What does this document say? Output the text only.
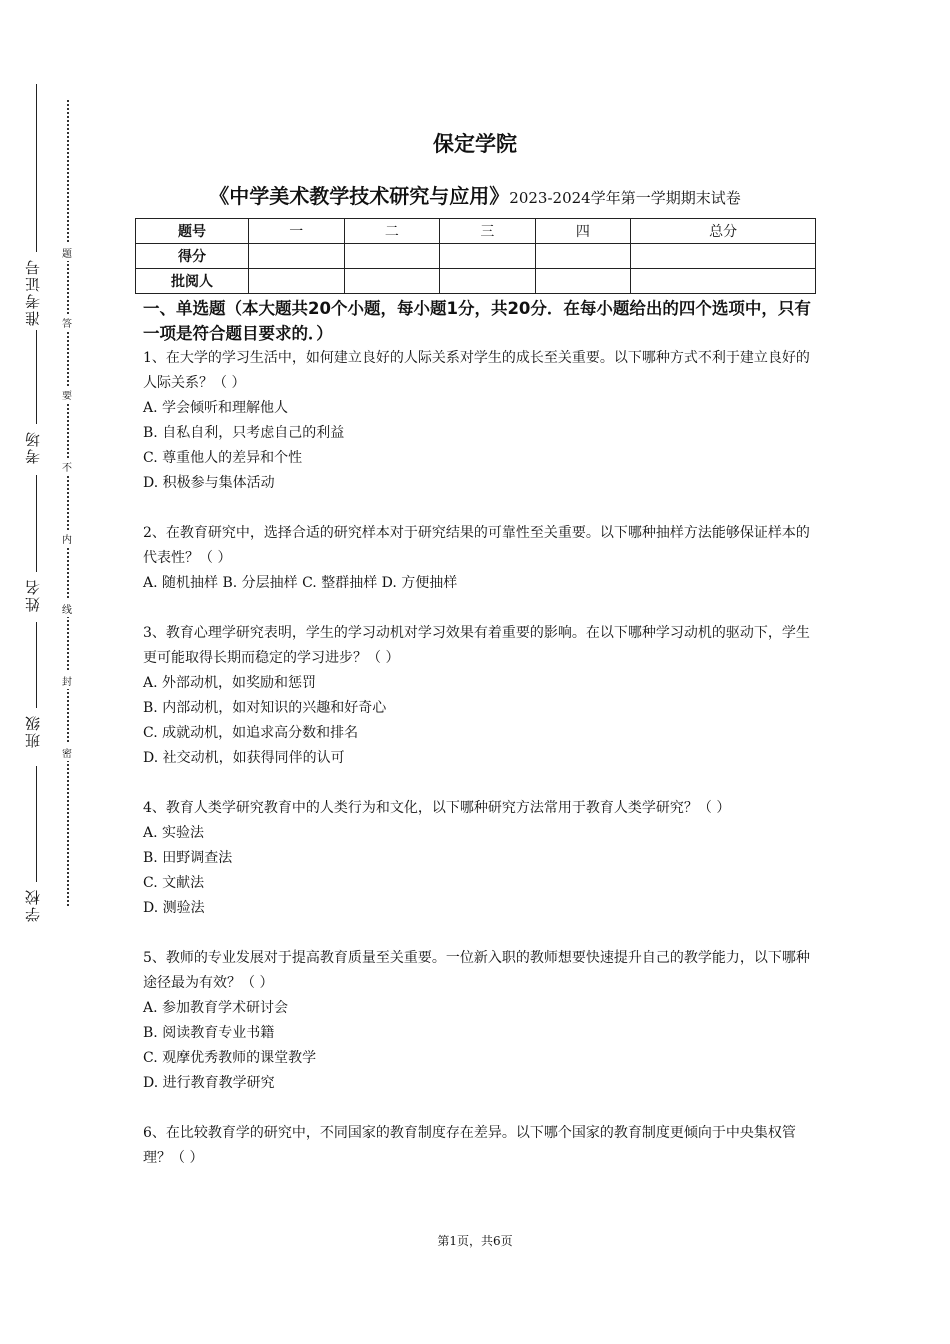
准考证号
考场
姓名
班级
学校
题
答
要
不
内
线
封
密
保定学院
《中学美术教学技术研究与应用》2023-2024学年第一学期期末试卷
题号	一	二	三	四	总分
得分					
批阅人					
一、单选题（本大题共20个小题，每小题1分，共20分．在每小题给出的四个选项中，只有一项是符合题目要求的．）

1、在大学的学习生活中，如何建立良好的人际关系对学生的成长至关重要。以下哪种方式不利于建立良好的人际关系？（ ）

A. 学会倾听和理解他人

B. 自私自利，只考虑自己的利益

C. 尊重他人的差异和个性

D. 积极参与集体活动

2、在教育研究中，选择合适的研究样本对于研究结果的可靠性至关重要。以下哪种抽样方法能够保证样本的代表性？（ ）

A. 随机抽样 B. 分层抽样 C. 整群抽样 D. 方便抽样

3、教育心理学研究表明，学生的学习动机对学习效果有着重要的影响。在以下哪种学习动机的驱动下，学生更可能取得长期而稳定的学习进步？（ ）

A. 外部动机，如奖励和惩罚

B. 内部动机，如对知识的兴趣和好奇心

C. 成就动机，如追求高分数和排名

D. 社交动机，如获得同伴的认可

4、教育人类学研究教育中的人类行为和文化，以下哪种研究方法常用于教育人类学研究？（ ）

A. 实验法

B. 田野调查法

C. 文献法

D. 测验法

5、教师的专业发展对于提高教育质量至关重要。一位新入职的教师想要快速提升自己的教学能力，以下哪种途径最为有效？（ ）

A. 参加教育学术研讨会

B. 阅读教育专业书籍

C. 观摩优秀教师的课堂教学

D. 进行教育教学研究

6、在比较教育学的研究中，不同国家的教育制度存在差异。以下哪个国家的教育制度更倾向于中央集权管理？（ ）

第1页，共6页
